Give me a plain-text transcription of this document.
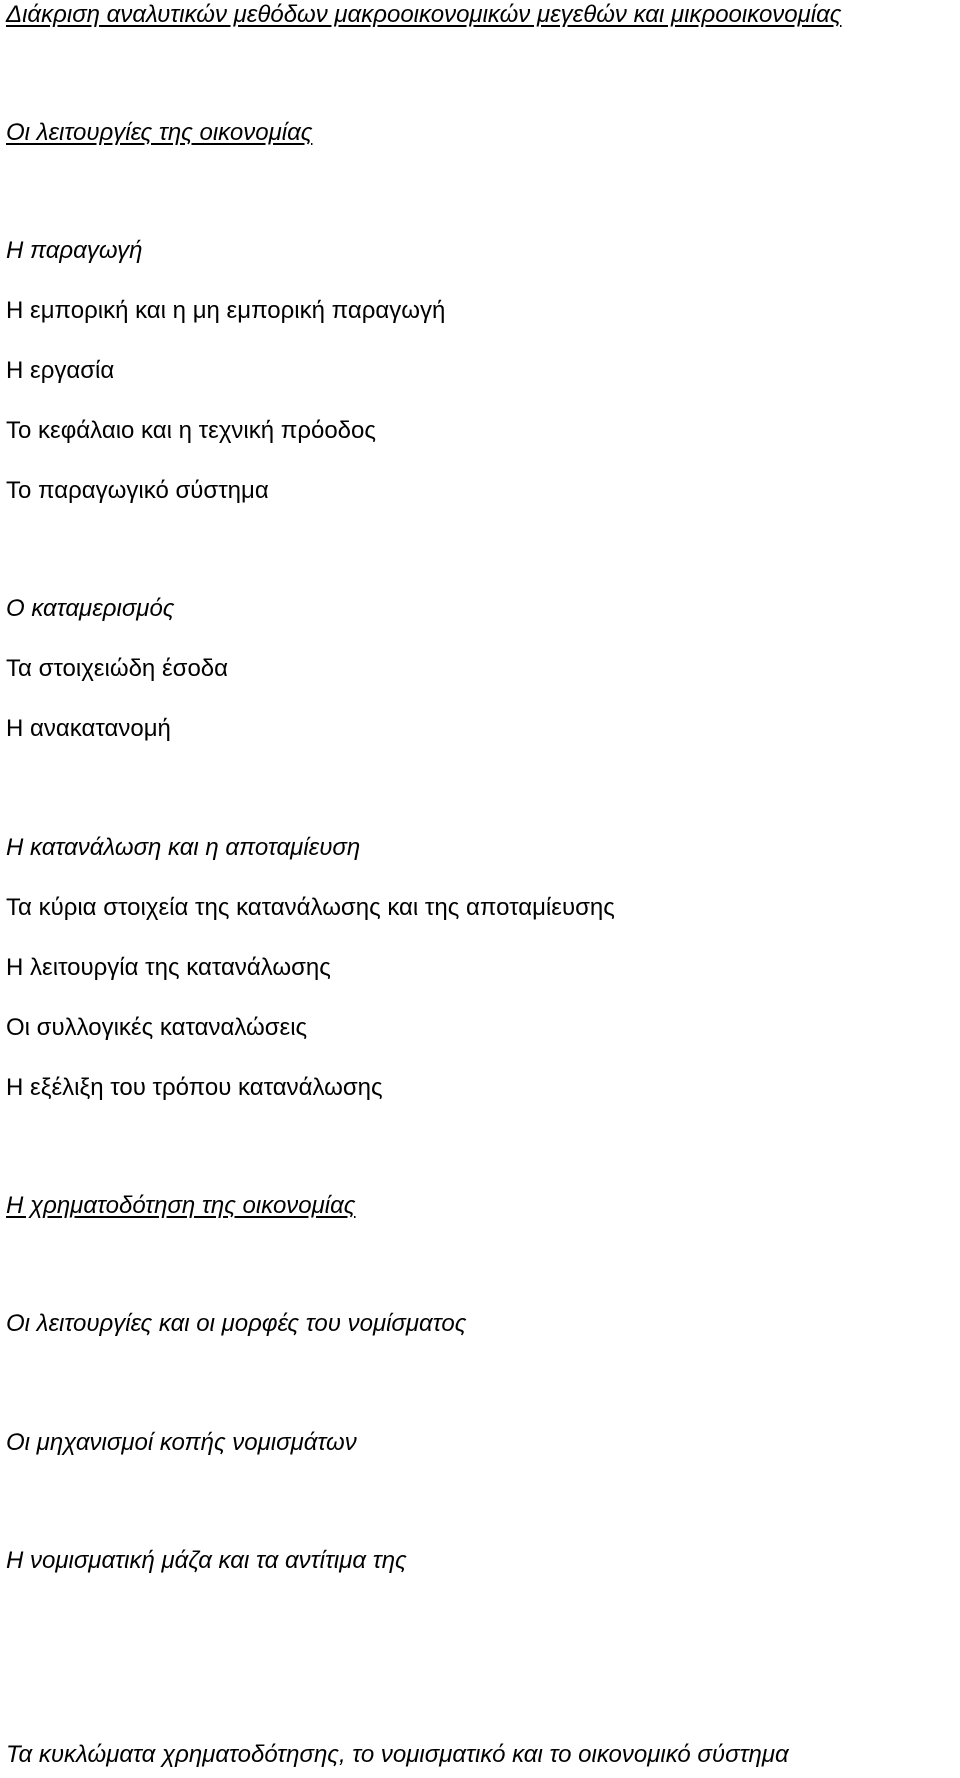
Διάκριση αναλυτικών μεθόδων μακροοικονομικών μεγεθών και μικροοικονομίας
Οι λειτουργίες της οικονομίας
Η παραγωγή
Η εμπορική και η μη εμπορική παραγωγή
Η εργασία
Το κεφάλαιο και η τεχνική πρόοδος
Το παραγωγικό σύστημα
Ο καταμερισμός
Τα στοιχειώδη έσοδα
Η ανακατανομή
Η κατανάλωση και η αποταμίευση
Τα κύρια στοιχεία της κατανάλωσης και της αποταμίευσης
Η λειτουργία της κατανάλωσης
Οι συλλογικές καταναλώσεις
Η εξέλιξη του τρόπου κατανάλωσης
Η χρηματοδότηση της οικονομίας
Οι λειτουργίες και οι μορφές του νομίσματος
Οι μηχανισμοί κοπής νομισμάτων
Η νομισματική μάζα και τα αντίτιμα της
Τα κυκλώματα χρηματοδότησης, το νομισματικό και το οικονομικό σύστημα
